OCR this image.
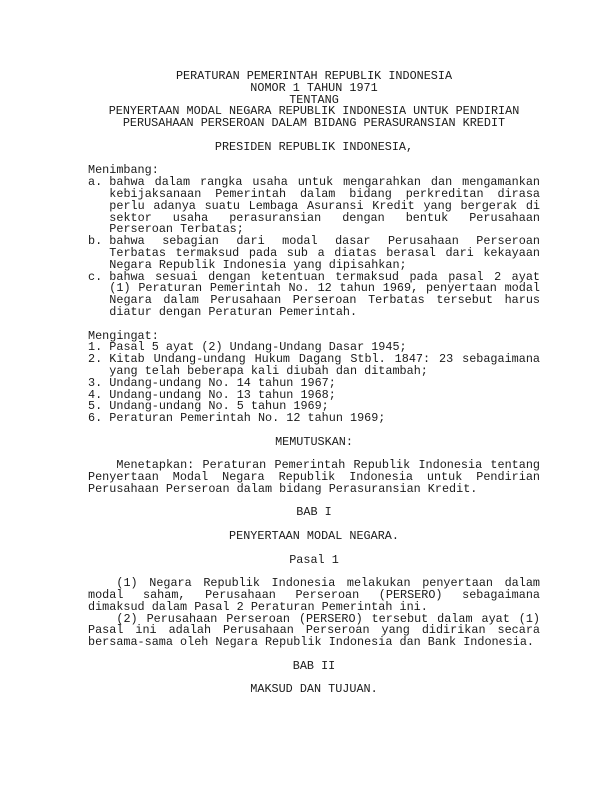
PERATURAN PEMERINTAH REPUBLIK INDONESIA
NOMOR 1 TAHUN 1971
TENTANG
PENYERTAAN MODAL NEGARA REPUBLIK INDONESIA UNTUK PENDIRIAN
PERUSAHAAN PERSEROAN DALAM BIDANG PERASURANSIAN KREDIT
PRESIDEN REPUBLIK INDONESIA,
Menimbang:
a. bahwa dalam rangka usaha untuk mengarahkan dan mengamankan kebijaksanaan Pemerintah dalam bidang perkreditan dirasa perlu adanya suatu Lembaga Asuransi Kredit yang bergerak di sektor usaha perasuransian dengan bentuk Perusahaan Perseroan Terbatas;
b. bahwa sebagian dari modal dasar Perusahaan Perseroan Terbatas termaksud pada sub a diatas berasal dari kekayaan Negara Republik Indonesia yang dipisahkan;
c. bahwa sesuai dengan ketentuan termaksud pada pasal 2 ayat (1) Peraturan Pemerintah No. 12 tahun 1969, penyertaan modal Negara dalam Perusahaan Perseroan Terbatas tersebut harus diatur dengan Peraturan Pemerintah.
Mengingat:
1. Pasal 5 ayat (2) Undang-Undang Dasar 1945;
2. Kitab Undang-undang Hukum Dagang Stbl. 1847: 23 sebagaimana yang telah beberapa kali diubah dan ditambah;
3. Undang-undang No. 14 tahun 1967;
4. Undang-undang No. 13 tahun 1968;
5. Undang-undang No. 5 tahun 1969;
6. Peraturan Pemerintah No. 12 tahun 1969;
MEMUTUSKAN:
Menetapkan: Peraturan Pemerintah Republik Indonesia tentang Penyertaan Modal Negara Republik Indonesia untuk Pendirian Perusahaan Perseroan dalam bidang Perasuransian Kredit.
BAB I
PENYERTAAN MODAL NEGARA.
Pasal 1
(1) Negara Republik Indonesia melakukan penyertaan dalam modal saham, Perusahaan Perseroan (PERSERO) sebagaimana dimaksud dalam Pasal 2 Peraturan Pemerintah ini.
(2) Perusahaan Perseroan (PERSERO) tersebut dalam ayat (1) Pasal ini adalah Perusahaan Perseroan yang didirikan secara bersama-sama oleh Negara Republik Indonesia dan Bank Indonesia.
BAB II
MAKSUD DAN TUJUAN.
